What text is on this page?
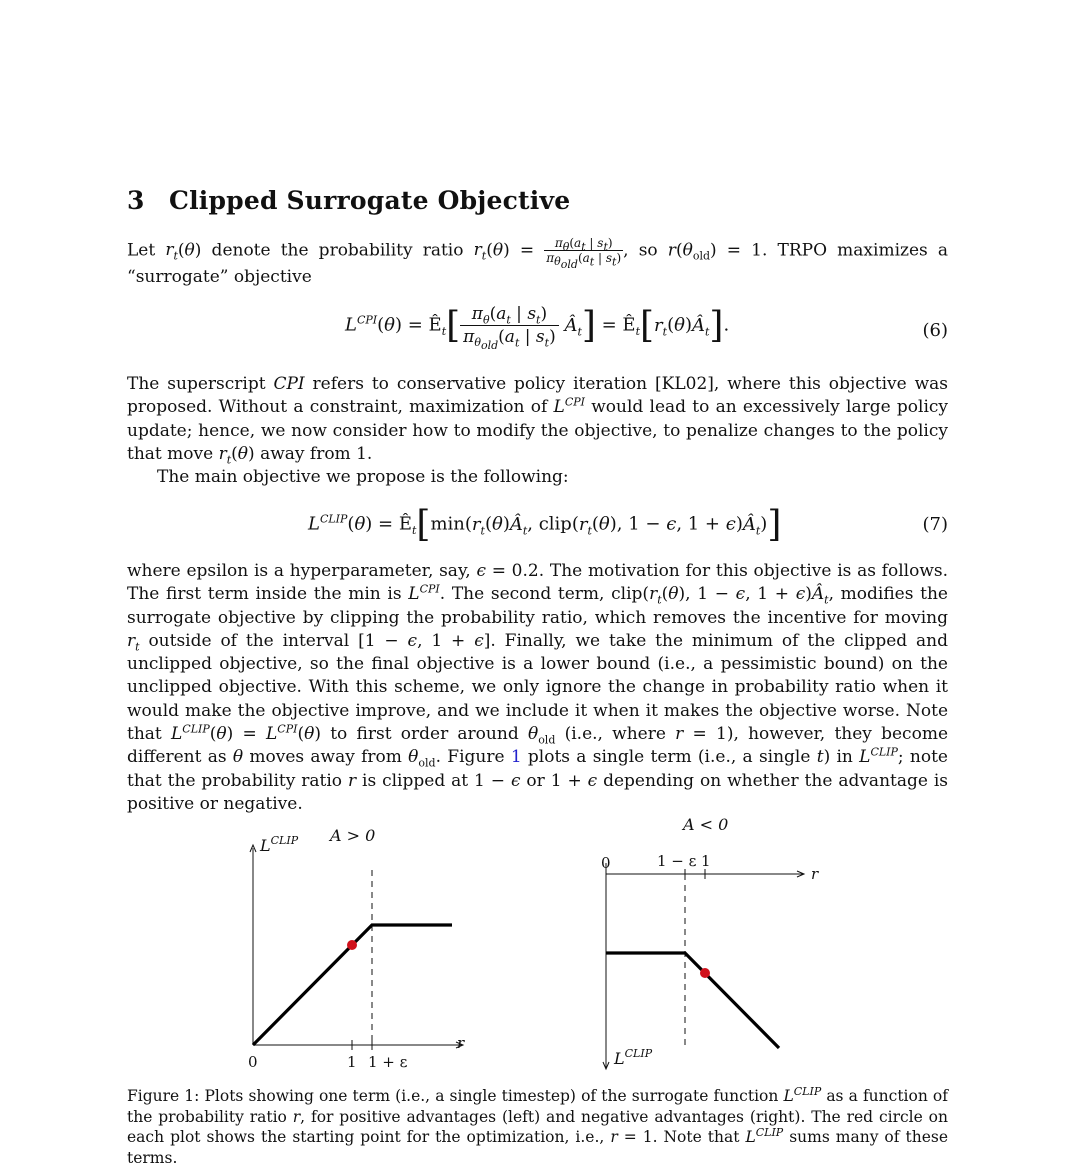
3 Clipped Surrogate Objective
Let $r_t(\theta)$ denote the probability ratio $r_t(\theta) = \frac{\pi_\theta(a_t | s_t)}{\pi_{\theta_{old}}(a_t | s_t)}$ , so $r(\theta_{old}) = 1$. TRPO maximizes a “surrogate” objective
$L^{CPI}(\theta)$ = $Ê_t$[ $\pi_\theta(a_t$ | $s_t$)
$\pi_{\theta_{old}}(a_t$ | $s_t$)
$Â_t$] = $Ê_t[r_t(\theta)Â_t]$.	(6)
The superscript CPI refers to conservative policy iteration [KL02], where this objective was proposed. Without a constraint, maximization of $L^{CPI}$ would lead to an excessively large policy update; hence, we now consider how to modify the objective, to penalize changes to the policy that move $r_t(\theta)$ away from 1.
The main objective we propose is the following:
$L^{CLIP}(\theta)$ = $Ê_t[\min(r_t(\theta)Â_t$, $clip(r_t(\theta)$, 1 − ϵ, $1 + \epsilon)Â_t$)]	(7)
where epsilon is a hyperparameter, say, ϵ = 0.2. The motivation for this objective is as follows. The first term inside the min is $L^{CPI}$. The second term, $clip(r_t(\theta)$, 1 − ϵ, $1 + \epsilon)Â_t$, modifies the surrogate objective by clipping the probability ratio, which removes the incentive for moving $r_t$ outside of the interval [1 − ϵ, 1 + ϵ]. Finally, we take the minimum of the clipped and unclipped objective, so the final objective is a lower bound (i.e., a pessimistic bound) on the unclipped objective. With this scheme, we only ignore the change in probability ratio when it would make the objective improve, and we include it when it makes the objective worse. Note that $L^{CLIP}(\theta) = L^{CPI}(\theta)$ to first order around $\theta_{old}$ (i.e., where r = 1), however, they become different as θ moves away from $\theta_{old}$. Figure 1 plots a single term (i.e., a single t) in $L^{CLIP}$; note that the probability ratio r is clipped at 1 − ϵ or 1 + ϵ depending on whether the advantage is positive or negative.
A > 0
$L^{CLIP}$
r
0	1 1 + ε
A < 0
$L^{CLIP}$
r
0	1 − ε 1
Figure 1: Plots showing one term (i.e., a single timestep) of the surrogate function $L^{CLIP}$ as a function of the probability ratio r, for positive advantages (left) and negative advantages (right). The red circle on each plot shows the starting point for the optimization, i.e., r = 1. Note that $L^{CLIP}$ sums many of these terms.
